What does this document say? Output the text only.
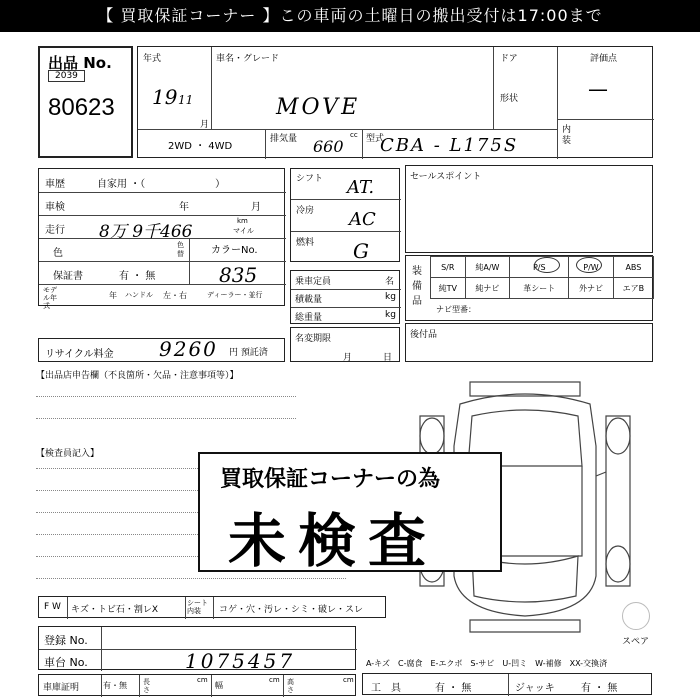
【 買取保証コーナー 】この車両の土曜日の搬出受付は17:00まで
出品 No.
2039
80623
年式
19 11
月
車名・グレード
MOVE
ドア
形状
評価点
—
内装
2WD ・ 4WD
排気量 660
cc 型式
CBA - L175S
車歴	自家用 ・（　　　　　　　）
車検	年	月
走行 8万 9千466
km
マイル
色
色替	カラーNo.
835
保証書	有 ・ 無
モデル年式
年 ハンドル 左・右	ディーラー・並行
リサイクル料金 9260 円 預託済
シフト AT.
冷房 AC
燃料 G
乗車定員	名
積載量	kg
総重量	kg
名変期限
月	日
セールスポイント
装備品
S/R	純A/W	P/S	P/W	ABS
純TV	純ナビ	革シート	外ナビ	エアB
ナビ型番：
後付品
【出品店申告欄（不良箇所・欠品・注意事項等）】
【検査員記入】
スペア
買取保証コーナーの為
未検査
F W キズ・トビ石・割レX
シート内装	コゲ・穴・汚レ・シミ・破レ・スレ
登録 No.
車台 No.	1075457
車庫証明	有・無 長さ
cm
幅
cm 高さ
cm
A-キズ　C-腐食　E-エクボ　S-サビ　U-凹ミ　W-補修　XX-交換済
工　具	有 ・ 無	ジャッキ	有 ・ 無
